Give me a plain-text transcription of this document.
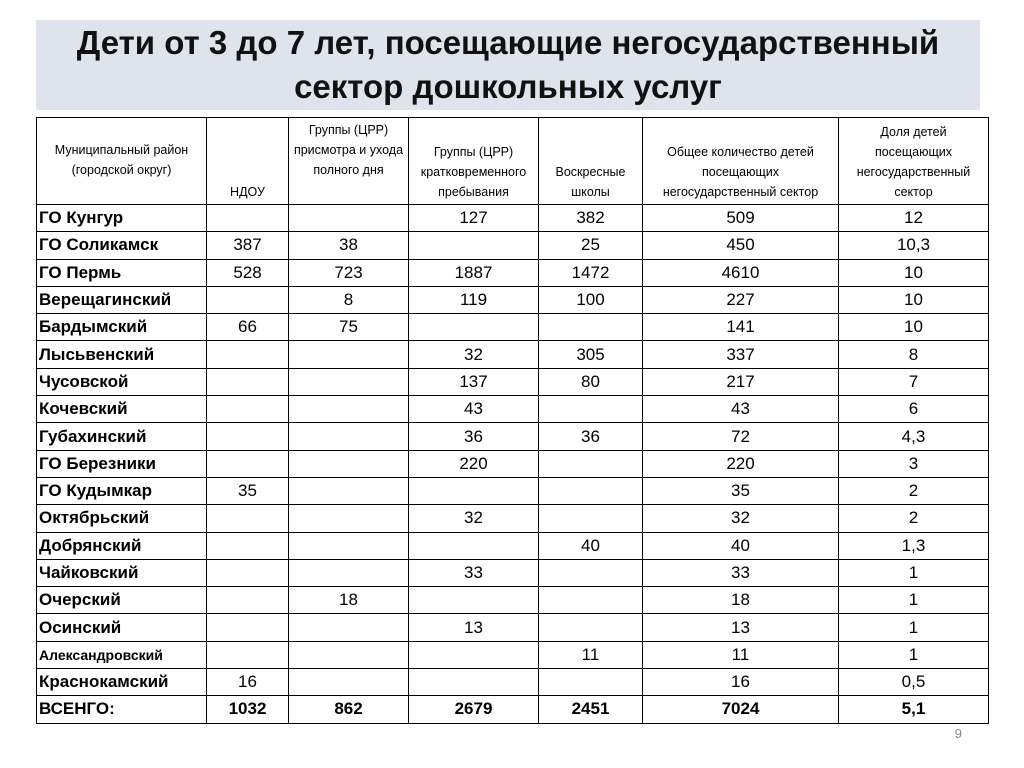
Дети от 3 до 7 лет, посещающие негосударственный сектор дошкольных услуг
Муниципальный район (городской округ)	НДОУ	Группы (ЦРР) присмотра и ухода полного дня	Группы (ЦРР) кратковременного пребывания	Воскресные школы	Общее количество детей посещающих негосударственный сектор	Доля детей посещающих негосударственный сектор
ГО Кунгур			127	382	509	12
ГО Соликамск	387	38		25	450	10,3
ГО Пермь	528	723	1887	1472	4610	10
Верещагинский		8	119	100	227	10
Бардымский	66	75			141	10
Лысьвенский			32	305	337	8
Чусовской			137	80	217	7
Кочевский			43		43	6
Губахинский			36	36	72	4,3
ГО Березники			220		220	3
ГО Кудымкар	35				35	2
Октябрьский			32		32	2
Добрянский				40	40	1,3
Чайковский			33		33	1
Очерский		18			18	1
Осинский			13		13	1
Александровский				11	11	1
Краснокамский	16				16	0,5
ВСЕНГО:	1032	862	2679	2451	7024	5,1
9
